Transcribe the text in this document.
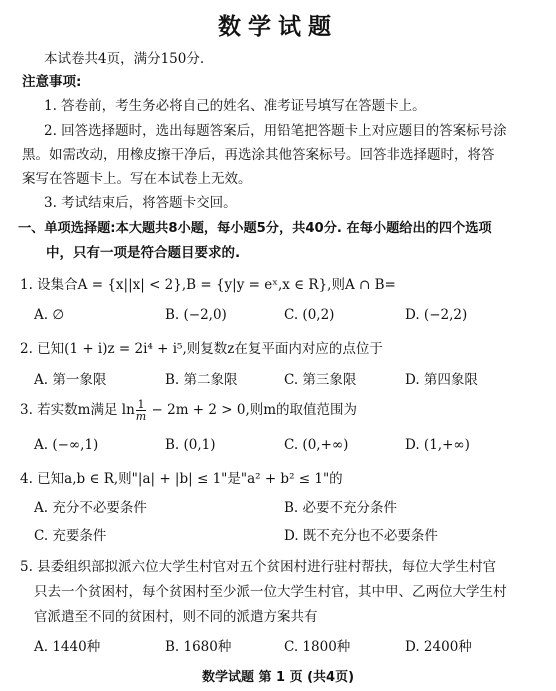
数学试题
本试卷共4页，满分150分.
注意事项:
1. 答卷前，考生务必将自己的姓名、准考证号填写在答题卡上。
2. 回答选择题时，选出每题答案后，用铅笔把答题卡上对应题目的答案标号涂
黑。如需改动，用橡皮擦干净后，再选涂其他答案标号。回答非选择题时，将答
案写在答题卡上。写在本试卷上无效。
3. 考试结束后，将答题卡交回。
一、单项选择题:本大题共8小题，每小题5分，共40分. 在每小题给出的四个选项
中，只有一项是符合题目要求的.
1. 设集合A = {x||x| < 2},B = {y|y = eˣ,x ∈ R},则A ∩ B=
A. ∅	B. (−2,0)	C. (0,2)	D. (−2,2)
2. 已知(1 + i)z = 2i⁴ + i⁵,则复数z在复平面内对应的点位于
A. 第一象限	B. 第二象限	C. 第三象限	D. 第四象限
3. 若实数m满足 $\ln \frac{1}{m} - 2m + 2 > 0$,则m的取值范围为
A. (−∞,1)	B. (0,1)	C. (0,+∞)	D. (1,+∞)
4. 已知a,b ∈ R,则"|a| + |b| ≤ 1"是"a² + b² ≤ 1"的
A. 充分不必要条件	B. 必要不充分条件
C. 充要条件	D. 既不充分也不必要条件
5. 县委组织部拟派六位大学生村官对五个贫困村进行驻村帮扶，每位大学生村官
只去一个贫困村，每个贫困村至少派一位大学生村官，其中甲、乙两位大学生村
官派遣至不同的贫困村，则不同的派遣方案共有
A. 1440种	B. 1680种	C. 1800种	D. 2400种
数学试题 第 1 页 (共4页)
